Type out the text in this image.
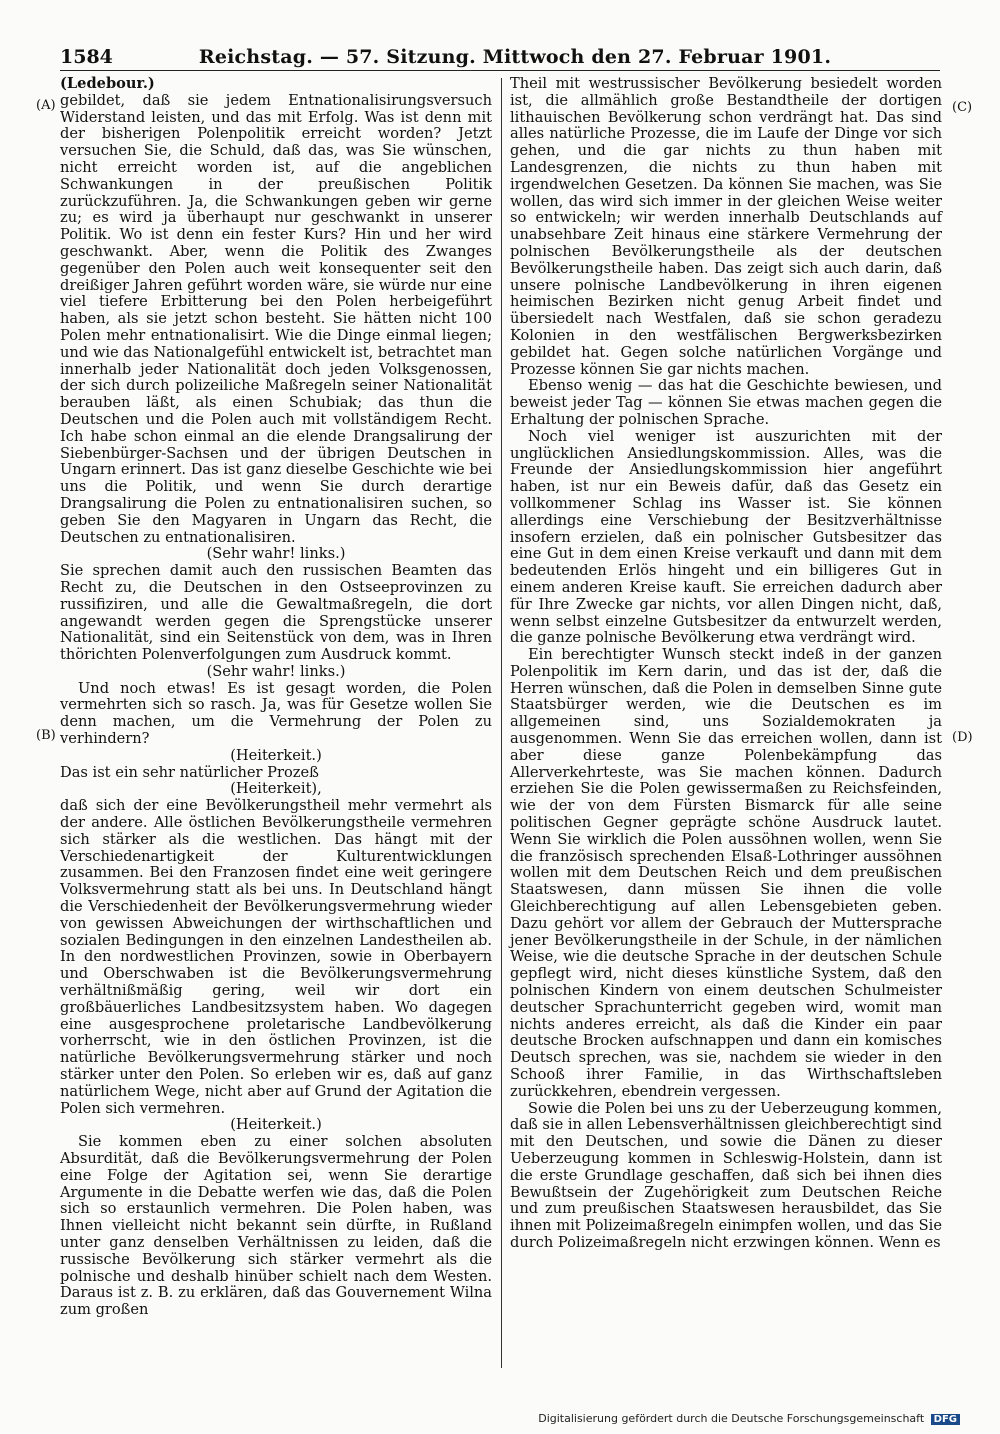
1584	Reichstag. — 57. Sitzung. Mittwoch den 27. Februar 1901.
(A)
(B)
(C)
(D)

(Ledebour.)

gebildet, daß sie jedem Entnationalisirungsversuch Widerstand leisten, und das mit Erfolg. Was ist denn mit der bisherigen Polenpolitik erreicht worden? Jetzt versuchen Sie, die Schuld, daß das, was Sie wünschen, nicht erreicht worden ist, auf die angeblichen Schwankungen in der preußischen Politik zurückzuführen. Ja, die Schwankungen geben wir gerne zu; es wird ja überhaupt nur geschwankt in unserer Politik. Wo ist denn ein fester Kurs? Hin und her wird geschwankt. Aber, wenn die Politik des Zwanges gegenüber den Polen auch weit konsequenter seit den dreißiger Jahren geführt worden wäre, sie würde nur eine viel tiefere Erbitterung bei den Polen herbeigeführt haben, als sie jetzt schon besteht. Sie hätten nicht 100 Polen mehr entnationalisirt. Wie die Dinge einmal liegen; und wie das Nationalgefühl entwickelt ist, betrachtet man innerhalb jeder Nationalität doch jeden Volksgenossen, der sich durch polizeiliche Maßregeln seiner Nationalität berauben läßt, als einen Schubiak; das thun die Deutschen und die Polen auch mit vollständigem Recht. Ich habe schon einmal an die elende Drangsalirung der Siebenbürger-Sachsen und der übrigen Deutschen in Ungarn erinnert. Das ist ganz dieselbe Geschichte wie bei uns die Politik, und wenn Sie durch derartige Drangsalirung die Polen zu entnationalisiren suchen, so geben Sie den Magyaren in Ungarn das Recht, die Deutschen zu entnationalisiren.

(Sehr wahr! links.)

Sie sprechen damit auch den russischen Beamten das Recht zu, die Deutschen in den Ostseeprovinzen zu russifiziren, und alle die Gewaltmaßregeln, die dort angewandt werden gegen die Sprengstücke unserer Nationalität, sind ein Seitenstück von dem, was in Ihren thörichten Polenverfolgungen zum Ausdruck kommt.

(Sehr wahr! links.)

Und noch etwas! Es ist gesagt worden, die Polen vermehrten sich so rasch. Ja, was für Gesetze wollen Sie denn machen, um die Vermehrung der Polen zu verhindern?

(Heiterkeit.)

Das ist ein sehr natürlicher Prozeß

(Heiterkeit),

daß sich der eine Bevölkerungstheil mehr vermehrt als der andere. Alle östlichen Bevölkerungstheile vermehren sich stärker als die westlichen. Das hängt mit der Verschiedenartigkeit der Kulturentwicklungen zusammen. Bei den Franzosen findet eine weit geringere Volksvermehrung statt als bei uns. In Deutschland hängt die Verschiedenheit der Bevölkerungsvermehrung wieder von gewissen Abweichungen der wirthschaftlichen und sozialen Bedingungen in den einzelnen Landestheilen ab. In den nordwestlichen Provinzen, sowie in Oberbayern und Oberschwaben ist die Bevölkerungsvermehrung verhältnißmäßig gering, weil wir dort ein großbäuerliches Landbesitzsystem haben. Wo dagegen eine ausgesprochene proletarische Landbevölkerung vorherrscht, wie in den östlichen Provinzen, ist die natürliche Bevölkerungsvermehrung stärker und noch stärker unter den Polen. So erleben wir es, daß auf ganz natürlichem Wege, nicht aber auf Grund der Agitation die Polen sich vermehren.

(Heiterkeit.)

Sie kommen eben zu einer solchen absoluten Absurdität, daß die Bevölkerungsvermehrung der Polen eine Folge der Agitation sei, wenn Sie derartige Argumente in die Debatte werfen wie das, daß die Polen sich so erstaunlich vermehren. Die Polen haben, was Ihnen vielleicht nicht bekannt sein dürfte, in Rußland unter ganz denselben Verhältnissen zu leiden, daß die russische Bevölkerung sich stärker vermehrt als die polnische und deshalb hinüber schielt nach dem Westen. Daraus ist z. B. zu erklären, daß das Gouvernement Wilna zum großen

Theil mit westrussischer Bevölkerung besiedelt worden ist, die allmählich große Bestandtheile der dortigen lithauischen Bevölkerung schon verdrängt hat. Das sind alles natürliche Prozesse, die im Laufe der Dinge vor sich gehen, und die gar nichts zu thun haben mit Landesgrenzen, die nichts zu thun haben mit irgendwelchen Gesetzen. Da können Sie machen, was Sie wollen, das wird sich immer in der gleichen Weise weiter so entwickeln; wir werden innerhalb Deutschlands auf unabsehbare Zeit hinaus eine stärkere Vermehrung der polnischen Bevölkerungstheile als der deutschen Bevölkerungstheile haben. Das zeigt sich auch darin, daß unsere polnische Landbevölkerung in ihren eigenen heimischen Bezirken nicht genug Arbeit findet und übersiedelt nach Westfalen, daß sie schon geradezu Kolonien in den westfälischen Bergwerksbezirken gebildet hat. Gegen solche natürlichen Vorgänge und Prozesse können Sie gar nichts machen.

Ebenso wenig — das hat die Geschichte bewiesen, und beweist jeder Tag — können Sie etwas machen gegen die Erhaltung der polnischen Sprache.

Noch viel weniger ist auszurichten mit der unglücklichen Ansiedlungskommission. Alles, was die Freunde der Ansiedlungskommission hier angeführt haben, ist nur ein Beweis dafür, daß das Gesetz ein vollkommener Schlag ins Wasser ist. Sie können allerdings eine Verschiebung der Besitzverhältnisse insofern erzielen, daß ein polnischer Gutsbesitzer das eine Gut in dem einen Kreise verkauft und dann mit dem bedeutenden Erlös hingeht und ein billigeres Gut in einem anderen Kreise kauft. Sie erreichen dadurch aber für Ihre Zwecke gar nichts, vor allen Dingen nicht, daß, wenn selbst einzelne Gutsbesitzer da entwurzelt werden, die ganze polnische Bevölkerung etwa verdrängt wird.

Ein berechtigter Wunsch steckt indeß in der ganzen Polenpolitik im Kern darin, und das ist der, daß die Herren wünschen, daß die Polen in demselben Sinne gute Staatsbürger werden, wie die Deutschen es im allgemeinen sind, uns Sozialdemokraten ja ausgenommen. Wenn Sie das erreichen wollen, dann ist aber diese ganze Polenbekämpfung das Allerverkehrteste, was Sie machen können. Dadurch erziehen Sie die Polen gewissermaßen zu Reichsfeinden, wie der von dem Fürsten Bismarck für alle seine politischen Gegner geprägte schöne Ausdruck lautet. Wenn Sie wirklich die Polen aussöhnen wollen, wenn Sie die französisch sprechenden Elsaß-Lothringer aussöhnen wollen mit dem Deutschen Reich und dem preußischen Staatswesen, dann müssen Sie ihnen die volle Gleichberechtigung auf allen Lebensgebieten geben. Dazu gehört vor allem der Gebrauch der Muttersprache jener Bevölkerungstheile in der Schule, in der nämlichen Weise, wie die deutsche Sprache in der deutschen Schule gepflegt wird, nicht dieses künstliche System, daß den polnischen Kindern von einem deutschen Schulmeister deutscher Sprachunterricht gegeben wird, womit man nichts anderes erreicht, als daß die Kinder ein paar deutsche Brocken aufschnappen und dann ein komisches Deutsch sprechen, was sie, nachdem sie wieder in den Schooß ihrer Familie, in das Wirthschaftsleben zurückkehren, ebendrein vergessen.

Sowie die Polen bei uns zu der Ueberzeugung kommen, daß sie in allen Lebensverhältnissen gleichberechtigt sind mit den Deutschen, und sowie die Dänen zu dieser Ueberzeugung kommen in Schleswig-Holstein, dann ist die erste Grundlage geschaffen, daß sich bei ihnen dies Bewußtsein der Zugehörigkeit zum Deutschen Reiche und zum preußischen Staatswesen herausbildet, das Sie ihnen mit Polizeimaßregeln einimpfen wollen, und das Sie durch Polizeimaßregeln nicht erzwingen können. Wenn es

Digitalisierung gefördert durch die Deutsche Forschungsgemeinschaft DFG
